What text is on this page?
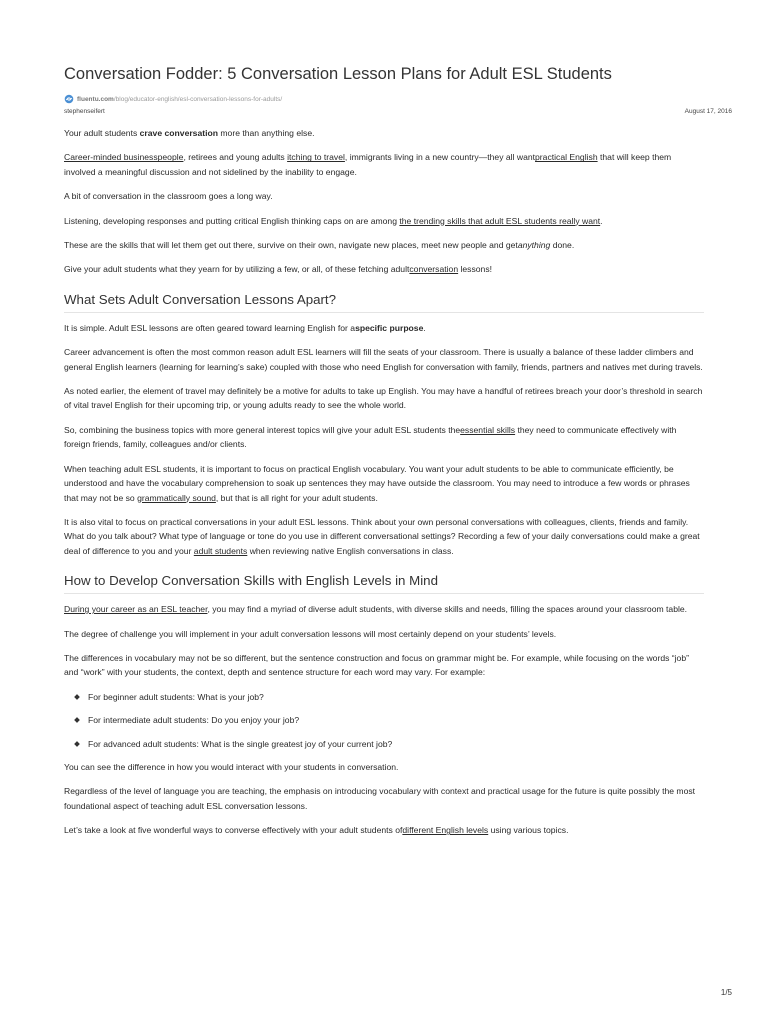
Conversation Fodder: 5 Conversation Lesson Plans for Adult ESL Students
fluentu.com/blog/educator-english/esl-conversation-lessons-for-adults/
stephenseifert	August 17, 2016

Your adult students crave conversation more than anything else.

Career-minded businesspeople, retirees and young adults itching to travel, immigrants living in a new country—they all wantpractical English that will keep them involved a meaningful discussion and not sidelined by the inability to engage.

A bit of conversation in the classroom goes a long way.

Listening, developing responses and putting critical English thinking caps on are among the trending skills that adult ESL students really want.

These are the skills that will let them get out there, survive on their own, navigate new places, meet new people and getanything done.

Give your adult students what they yearn for by utilizing a few, or all, of these fetching adultconversation lessons!

What Sets Adult Conversation Lessons Apart?

It is simple. Adult ESL lessons are often geared toward learning English for aspecific purpose.

Career advancement is often the most common reason adult ESL learners will fill the seats of your classroom. There is usually a balance of these ladder climbers and general English learners (learning for learning’s sake) coupled with those who need English for conversation with family, friends, partners and natives met during travels.

As noted earlier, the element of travel may definitely be a motive for adults to take up English. You may have a handful of retirees breach your door’s threshold in search of vital travel English for their upcoming trip, or young adults ready to see the whole world.

So, combining the business topics with more general interest topics will give your adult ESL students theessential skills they need to communicate effectively with foreign friends, family, colleagues and/or clients.

When teaching adult ESL students, it is important to focus on practical English vocabulary. You want your adult students to be able to communicate efficiently, be understood and have the vocabulary comprehension to soak up sentences they may have outside the classroom. You may need to introduce a few words or phrases that may not be so grammatically sound, but that is all right for your adult students.

It is also vital to focus on practical conversations in your adult ESL lessons. Think about your own personal conversations with colleagues, clients, friends and family. What do you talk about? What type of language or tone do you use in different conversational settings? Recording a few of your daily conversations could make a great deal of difference to you and your adult students when reviewing native English conversations in class.

How to Develop Conversation Skills with English Levels in Mind

During your career as an ESL teacher, you may find a myriad of diverse adult students, with diverse skills and needs, filling the spaces around your classroom table.

The degree of challenge you will implement in your adult conversation lessons will most certainly depend on your students’ levels.

The differences in vocabulary may not be so different, but the sentence construction and focus on grammar might be. For example, while focusing on the words “job” and “work” with your students, the context, depth and sentence structure for each word may vary. For example:

For beginner adult students: What is your job?
For intermediate adult students: Do you enjoy your job?
For advanced adult students: What is the single greatest joy of your current job?

You can see the difference in how you would interact with your students in conversation.

Regardless of the level of language you are teaching, the emphasis on introducing vocabulary with context and practical usage for the future is quite possibly the most foundational aspect of teaching adult ESL conversation lessons.

Let’s take a look at five wonderful ways to converse effectively with your adult students ofdifferent English levels using various topics.

1/5
